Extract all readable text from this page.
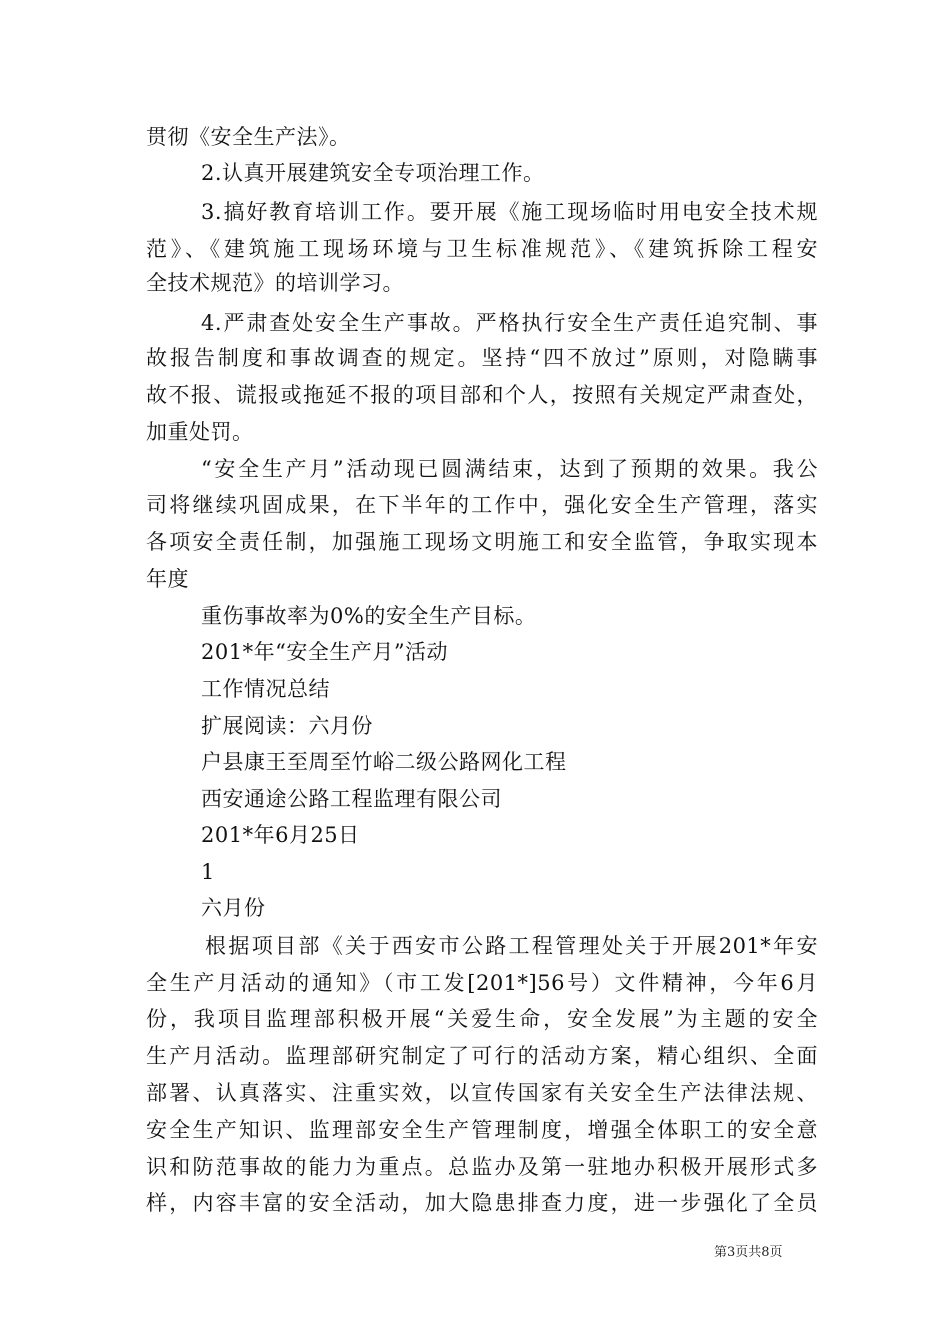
贯彻《安全生产法》。
2.认真开展建筑安全专项治理工作。
3.搞好教育培训工作。要开展《施工现场临时用电安全技术规
范》、《建筑施工现场环境与卫生标准规范》、《建筑拆除工程安
全技术规范》的培训学习。
4.严肃查处安全生产事故。严格执行安全生产责任追究制、事
故报告制度和事故调查的规定。坚持“四不放过”原则，对隐瞒事
故不报、谎报或拖延不报的项目部和个人，按照有关规定严肃查处，
加重处罚。
“安全生产月”活动现已圆满结束，达到了预期的效果。我公
司将继续巩固成果，在下半年的工作中，强化安全生产管理，落实
各项安全责任制，加强施工现场文明施工和安全监管，争取实现本
年度
重伤事故率为0%的安全生产目标。
201*年“安全生产月”活动
工作情况总结
扩展阅读：六月份
户县康王至周至竹峪二级公路网化工程
西安通途公路工程监理有限公司
201*年6月25日
1
六月份
根据项目部《关于西安市公路工程管理处关于开展201*年安
全生产月活动的通知》（市工发[201*]56号）文件精神，今年6月
份，我项目监理部积极开展“关爱生命，安全发展”为主题的安全
生产月活动。监理部研究制定了可行的活动方案，精心组织、全面
部署、认真落实、注重实效，以宣传国家有关安全生产法律法规、
安全生产知识、监理部安全生产管理制度，增强全体职工的安全意
识和防范事故的能力为重点。总监办及第一驻地办积极开展形式多
样，内容丰富的安全活动，加大隐患排查力度，进一步强化了全员
第3页共8页
